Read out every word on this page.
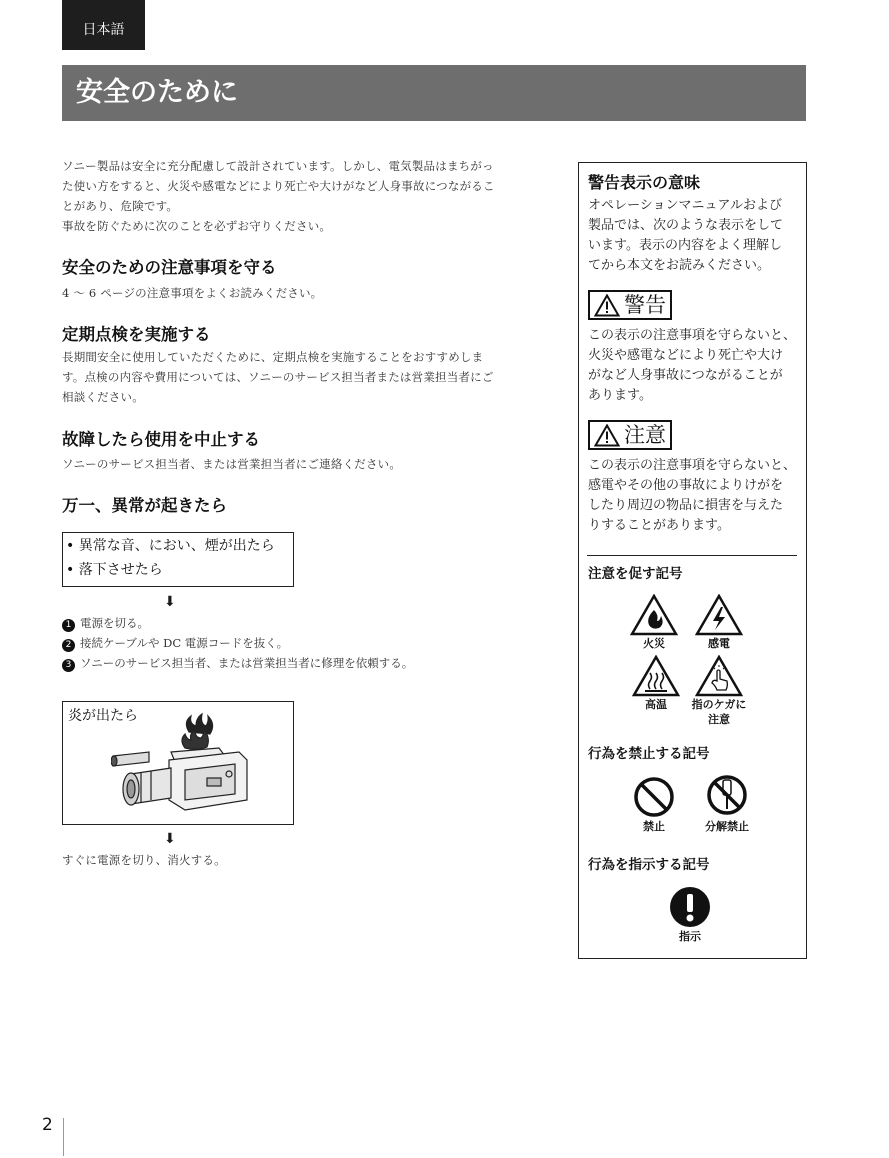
日本語
安全のために
ソニー製品は安全に充分配慮して設計されています。しかし、電気製品はまちがっ
た使い方をすると、火災や感電などにより死亡や大けがなど人身事故につながるこ
とがあり、危険です。
事故を防ぐために次のことを必ずお守りください。
安全のための注意事項を守る
4 〜 6 ページの注意事項をよくお読みください。
定期点検を実施する
長期間安全に使用していただくために、定期点検を実施することをおすすめしま
す。点検の内容や費用については、ソニーのサービス担当者または営業担当者にご
相談ください。
故障したら使用を中止する
ソニーのサービス担当者、または営業担当者にご連絡ください。
万一、異常が起きたら
• 異常な音、におい、煙が出たら
• 落下させたら
⬇
1 電源を切る。
2 接続ケーブルや DC 電源コードを抜く。
3 ソニーのサービス担当者、または営業担当者に修理を依頼する。
炎が出たら
⬇
すぐに電源を切り、消火する。
警告表示の意味
オペレーションマニュアルおよび
製品では、次のような表示をして
います。表示の内容をよく理解し
てから本文をお読みください。
警告
この表示の注意事項を守らないと、
火災や感電などにより死亡や大け
がなど人身事故につながることが
あります。
注意
この表示の注意事項を守らないと、
感電やその他の事故によりけがを
したり周辺の物品に損害を与えた
りすることがあります。
注意を促す記号
火災	感電
高温	指のケガに
注意
行為を禁止する記号
禁止	分解禁止
行為を指示する記号
指示
2
